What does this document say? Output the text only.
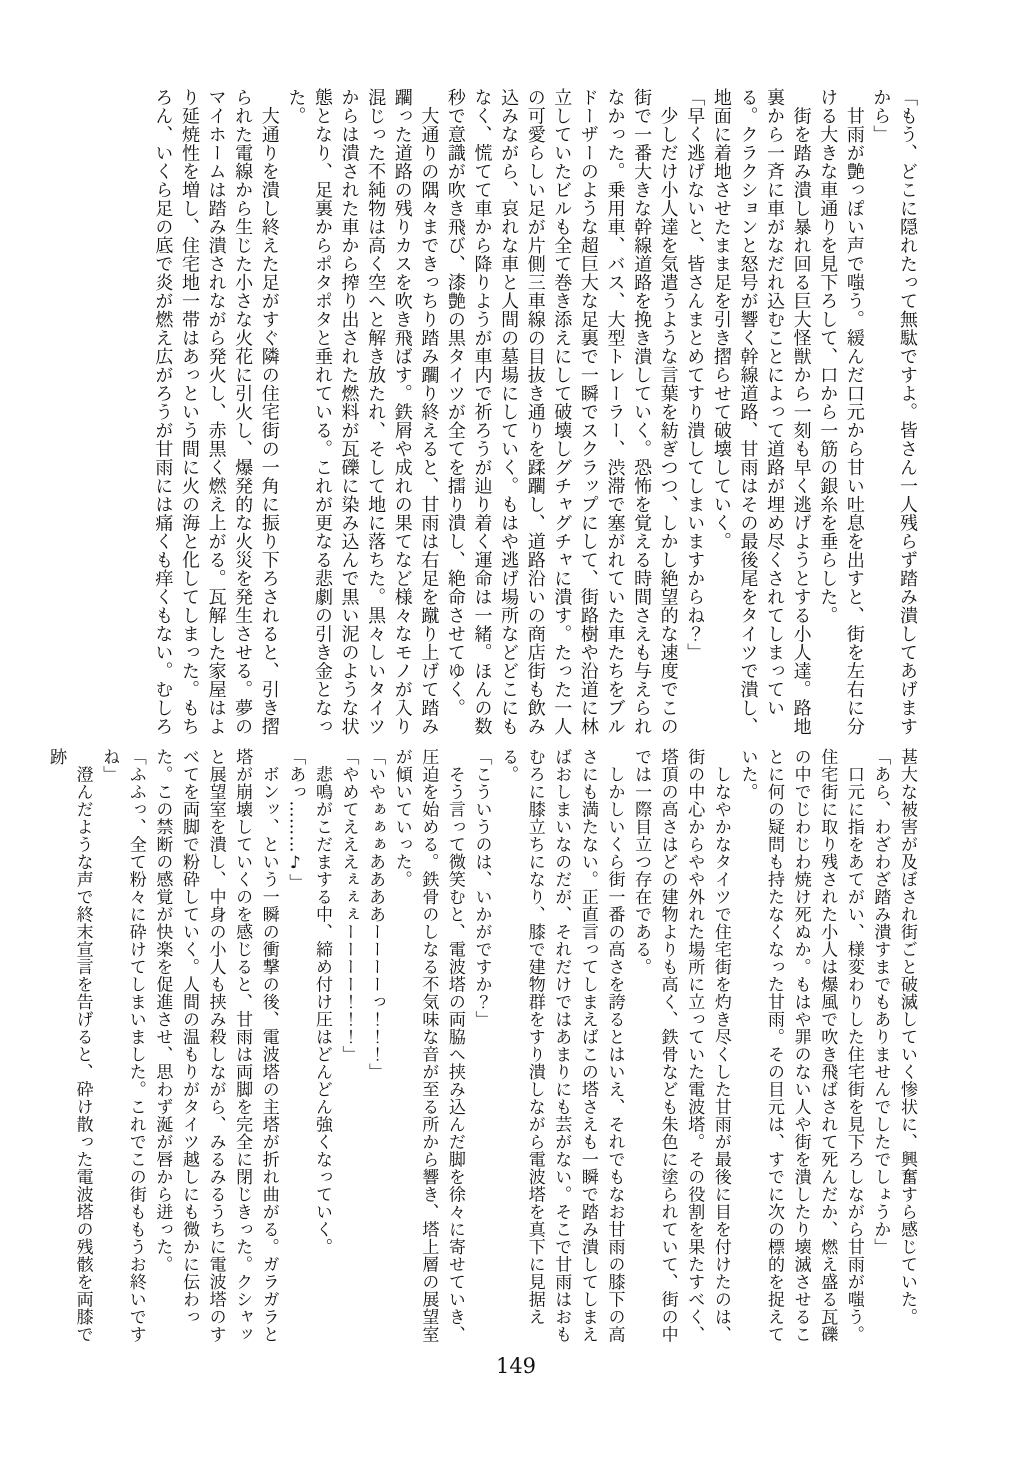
「もう、どこに隠れたって無駄ですよ。皆さん一人残らず踏み潰してあげますから」

　甘雨が艶っぽい声で嗤う。緩んだ口元から甘い吐息を出すと、街を左右に分ける大きな車通りを見下ろして、口から一筋の銀糸を垂らした。

　街を踏み潰し暴れ回る巨大怪獣から一刻も早く逃げようとする小人達。路地裏から一斉に車がなだれ込むことによって道路が埋め尽くされてしまっている。クラクションと怒号が響く幹線道路、甘雨はその最後尾をタイツで潰し、地面に着地させたまま足を引き摺らせて破壊していく。

「早く逃げないと、皆さんまとめてすり潰してしまいますからね？」

　少しだけ小人達を気遣うような言葉を紡ぎつつ、しかし絶望的な速度でこの街で一番大きな幹線道路を挽き潰していく。恐怖を覚える時間さえも与えられなかった。乗用車、バス、大型トレーラー、渋滞で塞がれていた車たちをブルドーザーのような超巨大な足裏で一瞬でスクラップにして、街路樹や沿道に林立していたビルも全て巻き添えにして破壊しグチャグチャに潰す。たった一人の可愛らしい足が片側三車線の目抜き通りを蹂躙し、道路沿いの商店街も飲み込みながら、哀れな車と人間の墓場にしていく。もはや逃げ場所などどこにもなく、慌てて車から降りようが車内で祈ろうが辿り着く運命は一緒。ほんの数秒で意識が吹き飛び、漆艶の黒タイツが全てを擂り潰し、絶命させてゆく。

　大通りの隅々まできっちり踏み躙り終えると、甘雨は右足を蹴り上げて踏み躙った道路の残りカスを吹き飛ばす。鉄屑や成れの果てなど様々なモノが入り混じった不純物は高く空へと解き放たれ、そして地に落ちた。黒々しいタイツからは潰された車から搾り出された燃料が瓦礫に染み込んで黒い泥のような状態となり、足裏からポタポタと垂れている。これが更なる悲劇の引き金となった。

　大通りを潰し終えた足がすぐ隣の住宅街の一角に振り下ろされると、引き摺られた電線から生じた小さな火花に引火し、爆発的な火災を発生させる。夢のマイホームは踏み潰されながら発火し、赤黒く燃え上がる。瓦解した家屋はより延焼性を増し、住宅地一帯はあっという間に火の海と化してしまった。もちろん、いくら足の底で炎が燃え広がろうが甘雨には痛くも痒くもない。むしろ

甚大な被害が及ぼされ街ごと破滅していく惨状に、興奮すら感じていた。

「あら、わざわざ踏み潰すまでもありませんでしたでしょうか」

　口元に指をあてがい、様変わりした住宅街を見下ろしながら甘雨が嗤う。住宅街に取り残された小人は爆風で吹き飛ばされて死んだか、燃え盛る瓦礫の中でじわじわ焼け死ぬか。もはや罪のない人や街を潰したり壊滅させることに何の疑問も持たなくなった甘雨。その目元は、すでに次の標的を捉えていた。

　しなやかなタイツで住宅街を灼き尽くした甘雨が最後に目を付けたのは、街の中心からやや外れた場所に立っていた電波塔。その役割を果たすべく、塔頂の高さはどの建物よりも高く、鉄骨なども朱色に塗られていて、街の中では一際目立つ存在である。

　しかしいくら街一番の高さを誇るとはいえ、それでもなお甘雨の膝下の高さにも満たない。正直言ってしまえばこの塔さえも一瞬で踏み潰してしまえばおしまいなのだが、それだけではあまりにも芸がない。そこで甘雨はおもむろに膝立ちになり、膝で建物群をすり潰しながら電波塔を真下に見据える。

「こういうのは、いかがですか？」

　そう言って微笑むと、電波塔の両脇へ挟み込んだ脚を徐々に寄せていき、圧迫を始める。鉄骨のしなる不気味な音が至る所から響き、塔上層の展望室が傾いていった。

「いやぁぁぁああああーーーーっ！！！」

「やめてえええぇぇぇーーーー！！！」

　悲鳴がこだまする中、締め付け圧はどんどん強くなっていく。

「あっ………♪」

　ボンッ、という一瞬の衝撃の後、電波塔の主塔が折れ曲がる。ガラガラと塔が崩壊していくのを感じると、甘雨は両脚を完全に閉じきった。クシャッと展望室を潰し、中身の小人も挟み殺しながら、みるみるうちに電波塔のすべてを両脚で粉砕していく。人間の温もりがタイツ越しにも微かに伝わった。この禁断の感覚が快楽を促進させ、思わず涎が唇から迸った。

「ふふっ、全て粉々に砕けてしまいました。これでこの街ももうお終いですね」

　澄んだような声で終末宣言を告げると、砕け散った電波塔の残骸を両膝で跡

149
